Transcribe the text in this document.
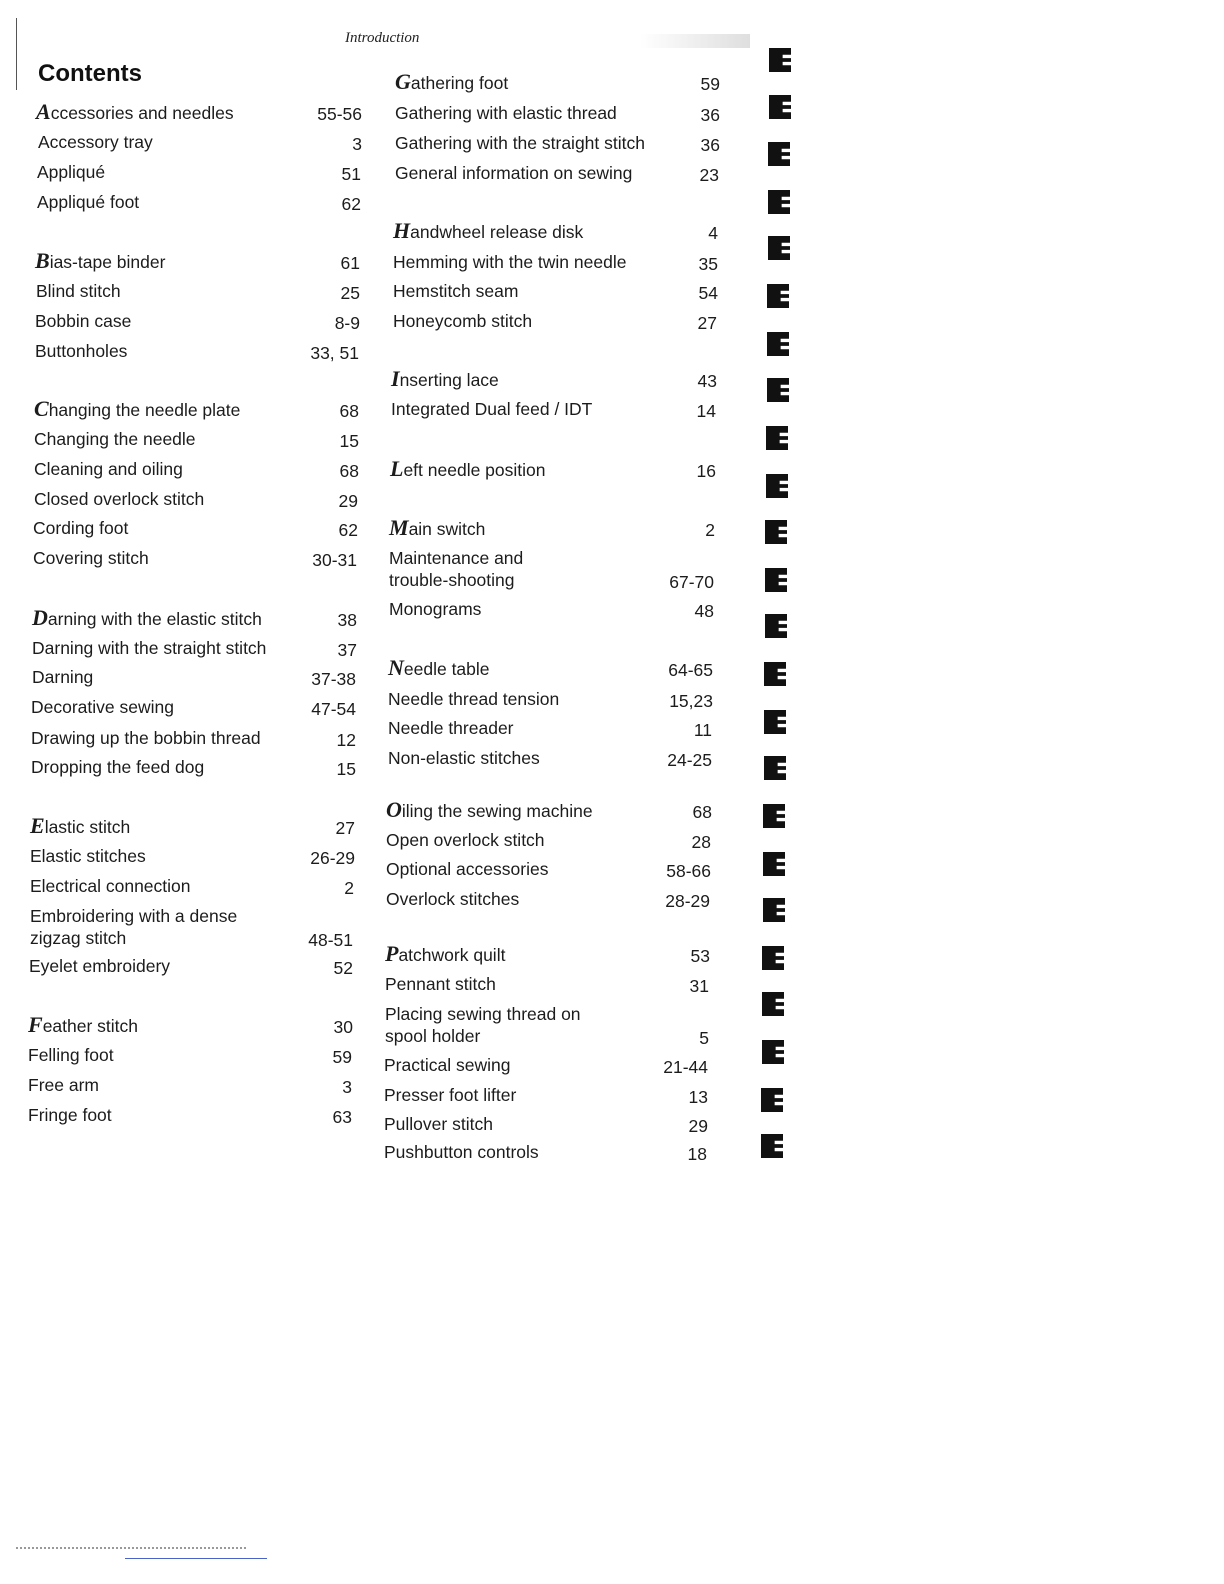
Introduction
Contents
Accessories and needles	55-56
Accessory tray	3
Appliqué	51
Appliqué foot	62
Bias-tape binder	61
Blind stitch	25
Bobbin case	8-9
Buttonholes	33, 51
Changing the needle plate	68
Changing the needle	15
Cleaning and oiling	68
Closed overlock stitch	29
Cording foot	62
Covering stitch	30-31
Darning with the elastic stitch	38
Darning with the straight stitch	37
Darning	37-38
Decorative sewing	47-54
Drawing up the bobbin thread	12
Dropping the feed dog	15
Elastic stitch	27
Elastic stitches	26-29
Electrical connection	2
Embroidering with a dense
zigzag stitch	48-51
Eyelet embroidery	52
Feather stitch	30
Felling foot	59
Free arm	3
Fringe foot	63
Gathering foot	59
Gathering with elastic thread	36
Gathering with the straight stitch	36
General information on sewing	23
Handwheel release disk	4
Hemming with the twin needle	35
Hemstitch seam	54
Honeycomb stitch	27
Inserting lace	43
Integrated Dual feed / IDT	14
Left needle position	16
Main switch	2
Maintenance and
trouble-shooting	67-70
Monograms	48
Needle table	64-65
Needle thread tension	15,23
Needle threader	11
Non-elastic stitches	24-25
Oiling the sewing machine	68
Open overlock stitch	28
Optional accessories	58-66
Overlock stitches	28-29
Patchwork quilt	53
Pennant stitch	31
Placing sewing thread on
spool holder	5
Practical sewing	21-44
Presser foot lifter	13
Pullover stitch	29
Pushbutton controls	18
